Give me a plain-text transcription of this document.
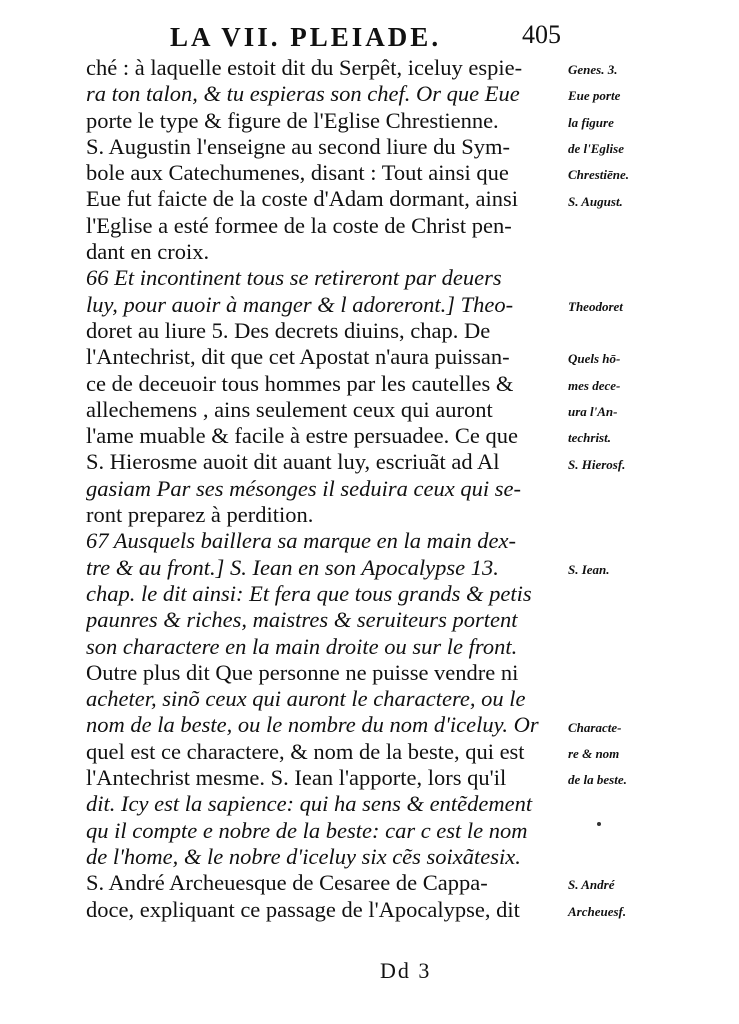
LA VII. PLEIADE.	405
ché : à laquelle estoit dit du Serpêt, iceluy espie-
ra ton talon, & tu espieras son chef. Or que Eue
porte le type & figure de l'Eglise Chrestienne.
S. Augustin l'enseigne au second liure du Sym-
bole aux Catechumenes, disant : Tout ainsi que
Eue fut faicte de la coste d'Adam dormant, ainsi
l'Eglise a esté formee de la coste de Christ pen-
dant en croix.
66 Et incontinent tous se retireront par deuers
luy, pour auoir à manger & l adoreront.] Theo-
doret au liure 5. Des decrets diuins, chap. De
l'Antechrist, dit que cet Apostat n'aura puissan-
ce de deceuoir tous hommes par les cautelles &
allechemens , ains seulement ceux qui auront
l'ame muable & facile à estre persuadee. Ce que
S. Hierosme auoit dit auant luy, escriuãt ad Al
gasiam Par ses mésonges il seduira ceux qui se-
ront preparez à perdition.
67 Ausquels baillera sa marque en la main dex-
tre & au front.] S. Iean en son Apocalypse 13.
chap. le dit ainsi: Et fera que tous grands & petis
paunres & riches, maistres & seruiteurs portent
son charactere en la main droite ou sur le front.
Outre plus dit Que personne ne puisse vendre ni
acheter, sinõ ceux qui auront le charactere, ou le
nom de la beste, ou le nombre du nom d'iceluy. Or
quel est ce charactere, & nom de la beste, qui est
l'Antechrist mesme. S. Iean l'apporte, lors qu'il
dit. Icy est la sapience: qui ha sens & entẽdement
qu il compte e nobre de la beste: car c est le nom
de l'home, & le nobre d'iceluy six cẽs soixãtesix.
S. André Archeuesque de Cesaree de Cappa-
doce, expliquant ce passage de l'Apocalypse, dit
Genes. 3.
Eue porte
la figure
de l'Eglise
Chrestiēne.
S. August.
Theodoret
Quels hō-
mes dece-
ura l'An-
techrist.
S. Hierosf.
S. Iean.
Characte-
re & nom
de la beste.
S. André
Archeuesf.
Dd 3
